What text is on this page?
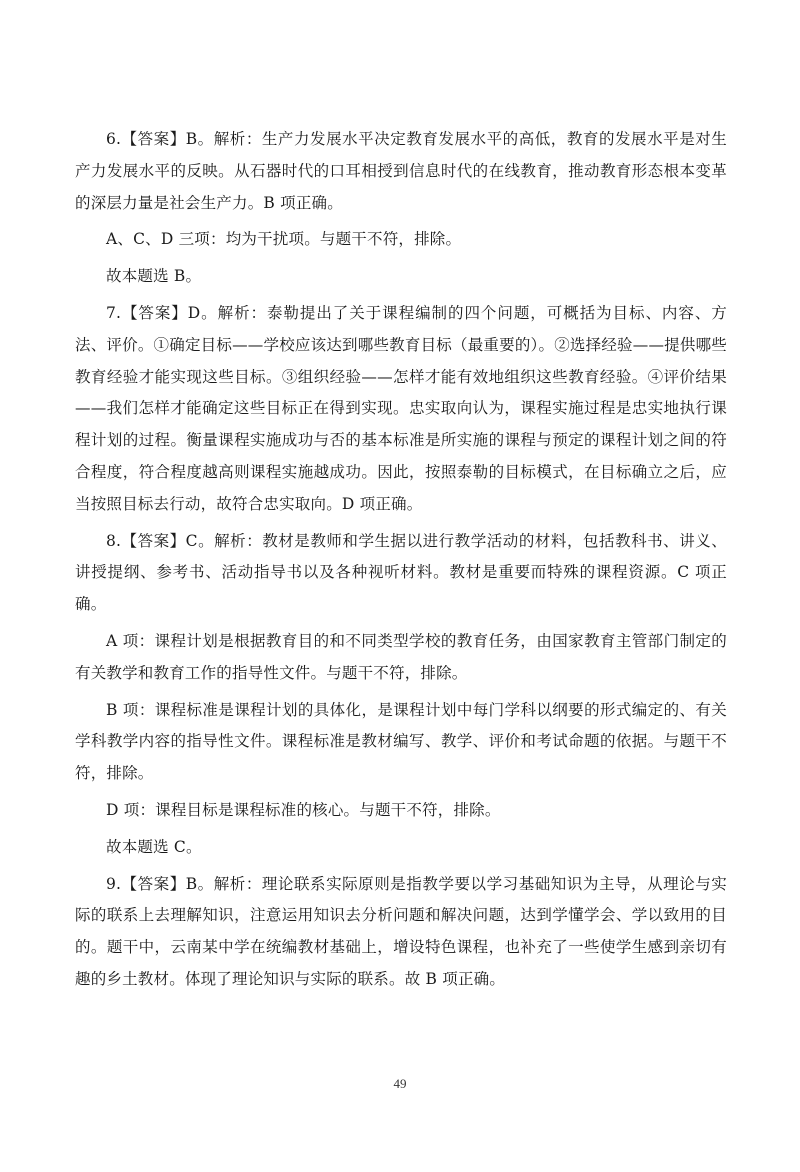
6.【答案】B。解析：生产力发展水平决定教育发展水平的高低，教育的发展水平是对生产力发展水平的反映。从石器时代的口耳相授到信息时代的在线教育，推动教育形态根本变革的深层力量是社会生产力。B 项正确。

A、C、D 三项：均为干扰项。与题干不符，排除。

故本题选 B。

7.【答案】D。解析：泰勒提出了关于课程编制的四个问题，可概括为目标、内容、方法、评价。①确定目标——学校应该达到哪些教育目标（最重要的）。②选择经验——提供哪些教育经验才能实现这些目标。③组织经验——怎样才能有效地组织这些教育经验。④评价结果——我们怎样才能确定这些目标正在得到实现。忠实取向认为，课程实施过程是忠实地执行课程计划的过程。衡量课程实施成功与否的基本标准是所实施的课程与预定的课程计划之间的符合程度，符合程度越高则课程实施越成功。因此，按照泰勒的目标模式，在目标确立之后，应当按照目标去行动，故符合忠实取向。D 项正确。

8.【答案】C。解析：教材是教师和学生据以进行教学活动的材料，包括教科书、讲义、讲授提纲、参考书、活动指导书以及各种视听材料。教材是重要而特殊的课程资源。C 项正确。

A 项：课程计划是根据教育目的和不同类型学校的教育任务，由国家教育主管部门制定的有关教学和教育工作的指导性文件。与题干不符，排除。

B 项：课程标准是课程计划的具体化，是课程计划中每门学科以纲要的形式编定的、有关学科教学内容的指导性文件。课程标准是教材编写、教学、评价和考试命题的依据。与题干不符，排除。

D 项：课程目标是课程标准的核心。与题干不符，排除。

故本题选 C。

9.【答案】B。解析：理论联系实际原则是指教学要以学习基础知识为主导，从理论与实际的联系上去理解知识，注意运用知识去分析问题和解决问题，达到学懂学会、学以致用的目的。题干中，云南某中学在统编教材基础上，增设特色课程，也补充了一些使学生感到亲切有趣的乡土教材。体现了理论知识与实际的联系。故 B 项正确。

49
